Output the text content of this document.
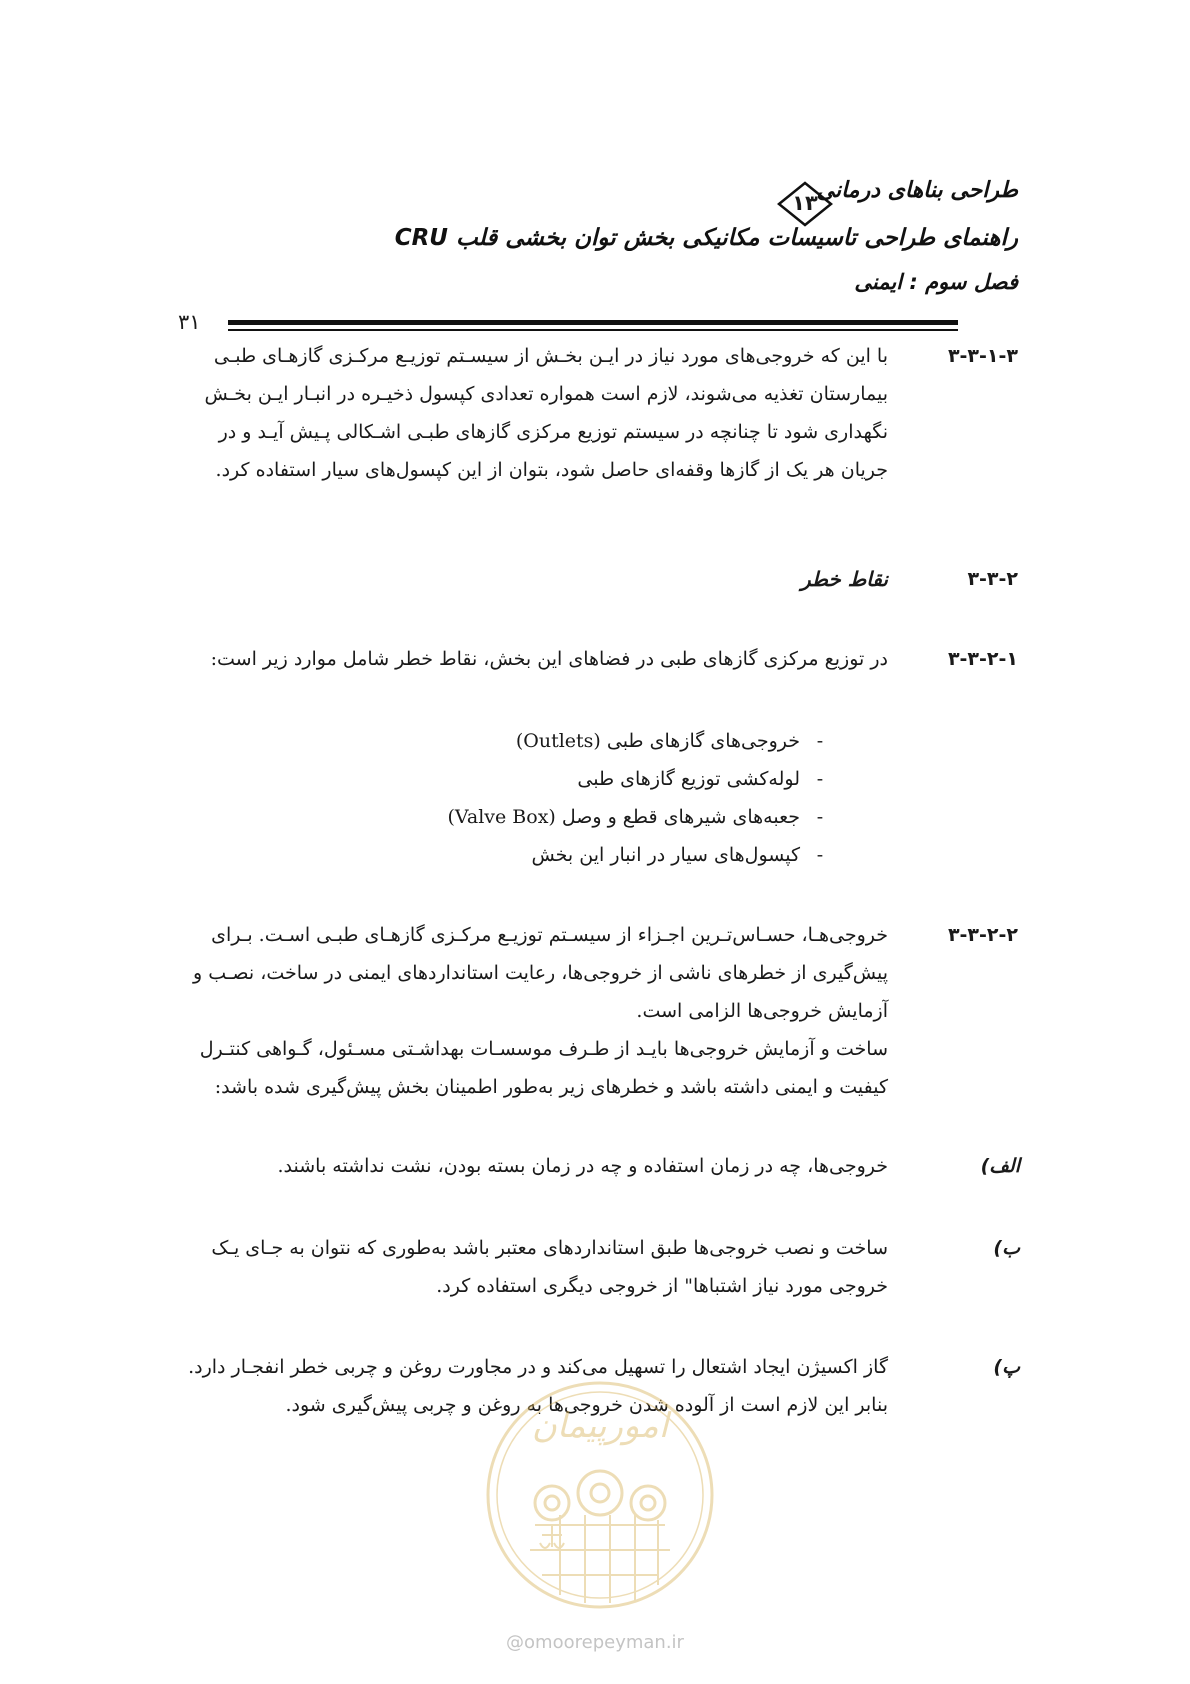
طراحی بناهای درمانی
۱۳
راهنمای طراحی تاسیسات مکانیکی بخش توان بخشی قلب CRU
فصل سوم : ایمنی
۳۱
۳-۳-۱-۳
با این که خروجی‌های مورد نیاز در ایـن بخـش از سیسـتم توزیـع مرکـزی گازهـای طبـی
بیمارستان تغذیه می‌شوند، لازم است همواره تعدادی کپسول ذخیـره در انبـار ایـن بخـش
نگهداری شود تا چنانچه در سیستم توزیع مرکزی گازهای طبـی اشـکالی پـیش آیـد و در
جریان هر یک از گازها وقفه‌ای حاصل شود، بتوان از این کپسول‌های سیار استفاده کرد.
۳-۳-۲
نقاط خطر
۳-۳-۲-۱
در توزیع مرکزی گازهای طبی در فضاهای این بخش، نقاط خطر شامل موارد زیر است:
-خروجی‌های گازهای طبی (Outlets)
-لوله‌کشی توزیع گازهای طبی
-جعبه‌های شیرهای قطع و وصل (Valve Box)
-کپسول‌های سیار در انبار این بخش
۳-۳-۲-۲
خروجی‌هـا، حسـاس‌تـرین اجـزاء از سیسـتم توزیـع مرکـزی گازهـای طبـی اسـت. بـرای
پیش‌گیری از خطرهای ناشی از خروجی‌ها، رعایت استانداردهای ایمنی در ساخت، نصـب و
آزمایش خروجی‌ها الزامی است.
ساخت و آزمایش خروجی‌ها بایـد از طـرف موسسـات بهداشـتی مسـئول، گـواهی کنتـرل
کیفیت و ایمنی داشته باشد و خطرهای زیر به‌طور اطمینان بخش پیش‌گیری شده باشد:
الف)
خروجی‌ها، چه در زمان استفاده و چه در زمان بسته بودن، نشت نداشته باشند.
ب)
ساخت و نصب خروجی‌ها طبق استانداردهای معتبر باشد به‌طوری که نتوان به جـای یـک
خروجی مورد نیاز اشتباها" از خروجی دیگری استفاده کرد.
پ)
گاز اکسیژن ایجاد اشتعال را تسهیل می‌کند و در مجاورت روغن و چربی خطر انفجـار دارد.
بنابر این لازم است از آلوده شدن خروجی‌ها به روغن و چربی پیش‌گیری شود.
امورپیمان
@omoorepeyman.ir
